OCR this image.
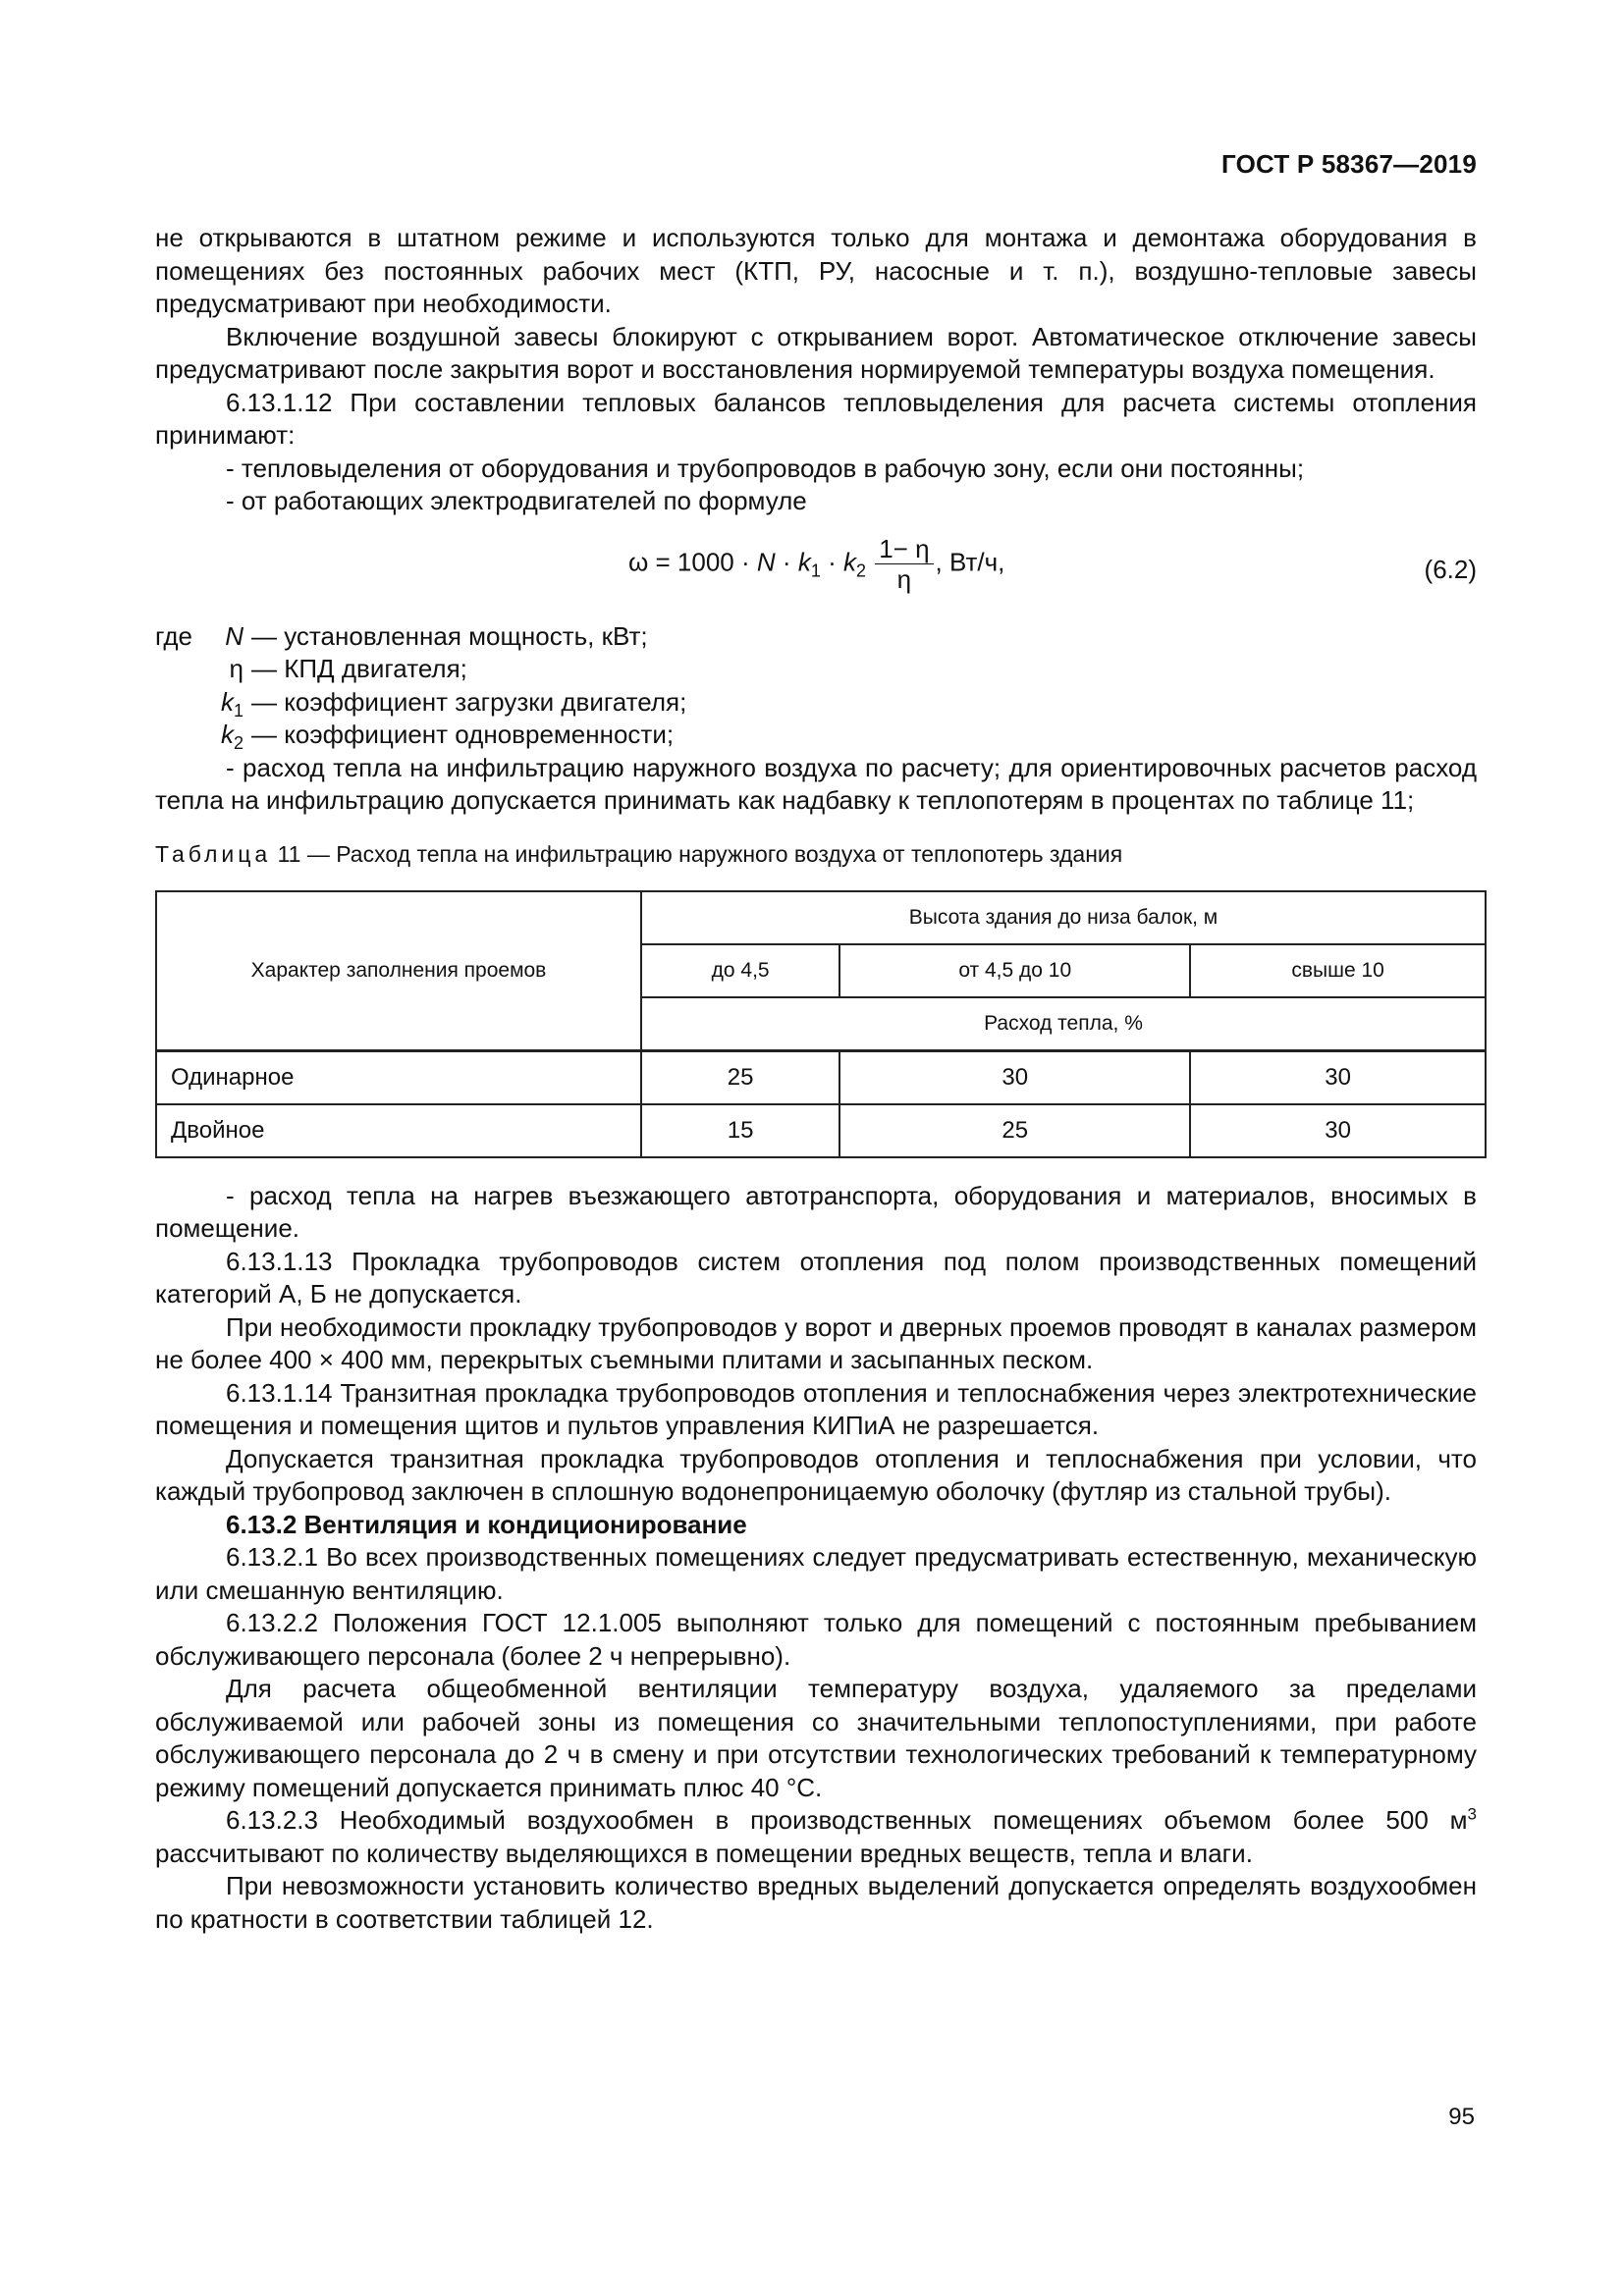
ГОСТ Р 58367—2019

не открываются в штатном режиме и используются только для монтажа и демонтажа оборудования в помещениях без постоянных рабочих мест (КТП, РУ, насосные и т. п.), воздушно-тепловые завесы предусматривают при необходимости.

Включение воздушной завесы блокируют с открыванием ворот. Автоматическое отключение завесы предусматривают после закрытия ворот и восстановления нормируемой температуры воздуха помещения.

6.13.1.12 При составлении тепловых балансов тепловыделения для расчета системы отопления принимают:

- тепловыделения от оборудования и трубопроводов в рабочую зону, если они постоянны;

- от работающих электродвигателей по формуле

$\omega = 1000 \cdot N \cdot k_1 \cdot k_2 \frac{1- \eta}{\eta}$ , Вт/ч,	(6.2)
где	N — установленная мощность, кВт;
η — КПД двигателя;
$k_1$ — коэффициент загрузки двигателя;
$k_2$ — коэффициент одновременности;

- расход тепла на инфильтрацию наружного воздуха по расчету; для ориентировочных расчетов расход тепла на инфильтрацию допускается принимать как надбавку к теплопотерям в процентах по таблице 11;

Таблица 11 — Расход тепла на инфильтрацию наружного воздуха от теплопотерь здания
Характер заполнения проемов	Высота здания до низа балок, м		
	до 4,5	от 4,5 до 10	свыше 10
	Расход тепла, %		
Одинарное	25	30	30
Двойное	15	25	30

- расход тепла на нагрев въезжающего автотранспорта, оборудования и материалов, вносимых в помещение.

6.13.1.13 Прокладка трубопроводов систем отопления под полом производственных помещений категорий А, Б не допускается.

При необходимости прокладку трубопроводов у ворот и дверных проемов проводят в каналах размером не более 400 × 400 мм, перекрытых съемными плитами и засыпанных песком.

6.13.1.14 Транзитная прокладка трубопроводов отопления и теплоснабжения через электротехнические помещения и помещения щитов и пультов управления КИПиА не разрешается.

Допускается транзитная прокладка трубопроводов отопления и теплоснабжения при условии, что каждый трубопровод заключен в сплошную водонепроницаемую оболочку (футляр из стальной трубы).

6.13.2 Вентиляция и кондиционирование

6.13.2.1 Во всех производственных помещениях следует предусматривать естественную, механическую или смешанную вентиляцию.

6.13.2.2 Положения ГОСТ 12.1.005 выполняют только для помещений с постоянным пребыванием обслуживающего персонала (более 2 ч непрерывно).

Для расчета общеобменной вентиляции температуру воздуха, удаляемого за пределами обслуживаемой или рабочей зоны из помещения со значительными теплопоступлениями, при работе обслуживающего персонала до 2 ч в смену и при отсутствии технологических требований к температурному режиму помещений допускается принимать плюс 40 °С.

6.13.2.3 Необходимый воздухообмен в производственных помещениях объемом более 500 $м^3$ рассчитывают по количеству выделяющихся в помещении вредных веществ, тепла и влаги.

При невозможности установить количество вредных выделений допускается определять воздухообмен по кратности в соответствии таблицей 12.

95
